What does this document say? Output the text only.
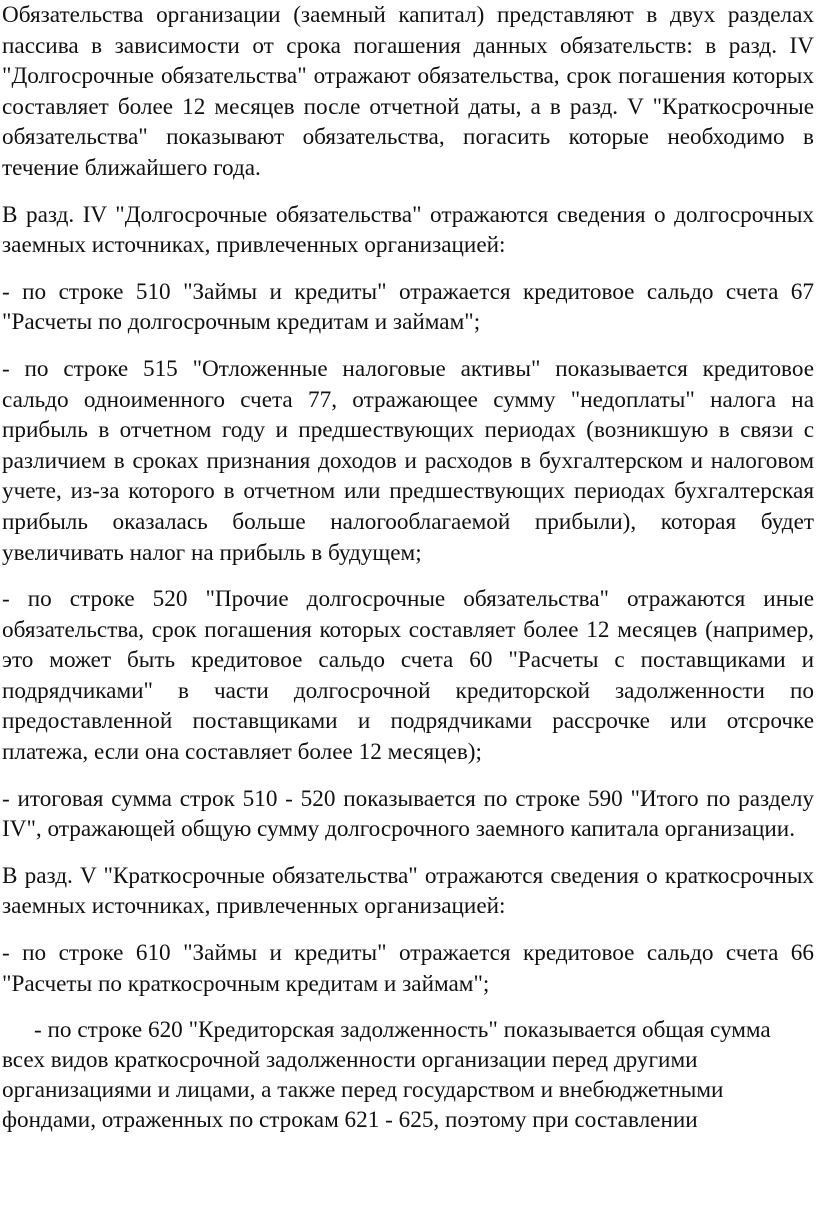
Обязательства организации (заемный капитал) представляют в двух разделах пассива в зависимости от срока погашения данных обязательств: в разд. IV "Долгосрочные обязательства" отражают обязательства, срок погашения которых составляет более 12 месяцев после отчетной даты, а в разд. V "Краткосрочные обязательства" показывают обязательства, погасить которые необходимо в течение ближайшего года.

В разд. IV "Долгосрочные обязательства" отражаются сведения о долгосрочных заемных источниках, привлеченных организацией:

- по строке 510 "Займы и кредиты" отражается кредитовое сальдо счета 67 "Расчеты по долгосрочным кредитам и займам";

- по строке 515 "Отложенные налоговые активы" показывается кредитовое сальдо одноименного счета 77, отражающее сумму "недоплаты" налога на прибыль в отчетном году и предшествующих периодах (возникшую в связи с различием в сроках признания доходов и расходов в бухгалтерском и налоговом учете, из-за которого в отчетном или предшествующих периодах бухгалтерская прибыль оказалась больше налогооблагаемой прибыли), которая будет увеличивать налог на прибыль в будущем;

- по строке 520 "Прочие долгосрочные обязательства" отражаются иные обязательства, срок погашения которых составляет более 12 месяцев (например, это может быть кредитовое сальдо счета 60 "Расчеты с поставщиками и подрядчиками" в части долгосрочной кредиторской задолженности по предоставленной поставщиками и подрядчиками рассрочке или отсрочке платежа, если она составляет более 12 месяцев);

- итоговая сумма строк 510 - 520 показывается по строке 590 "Итого по разделу IV", отражающей общую сумму долгосрочного заемного капитала организации.

В разд. V "Краткосрочные обязательства" отражаются сведения о краткосрочных заемных источниках, привлеченных организацией:

- по строке 610 "Займы и кредиты" отражается кредитовое сальдо счета 66 "Расчеты по краткосрочным кредитам и займам";

- по строке 620 "Кредиторская задолженность" показывается общая сумма всех видов краткосрочной задолженности организации перед другими организациями и лицами, а также перед государством и внебюджетными фондами, отраженных по строкам 621 - 625, поэтому при составлении
